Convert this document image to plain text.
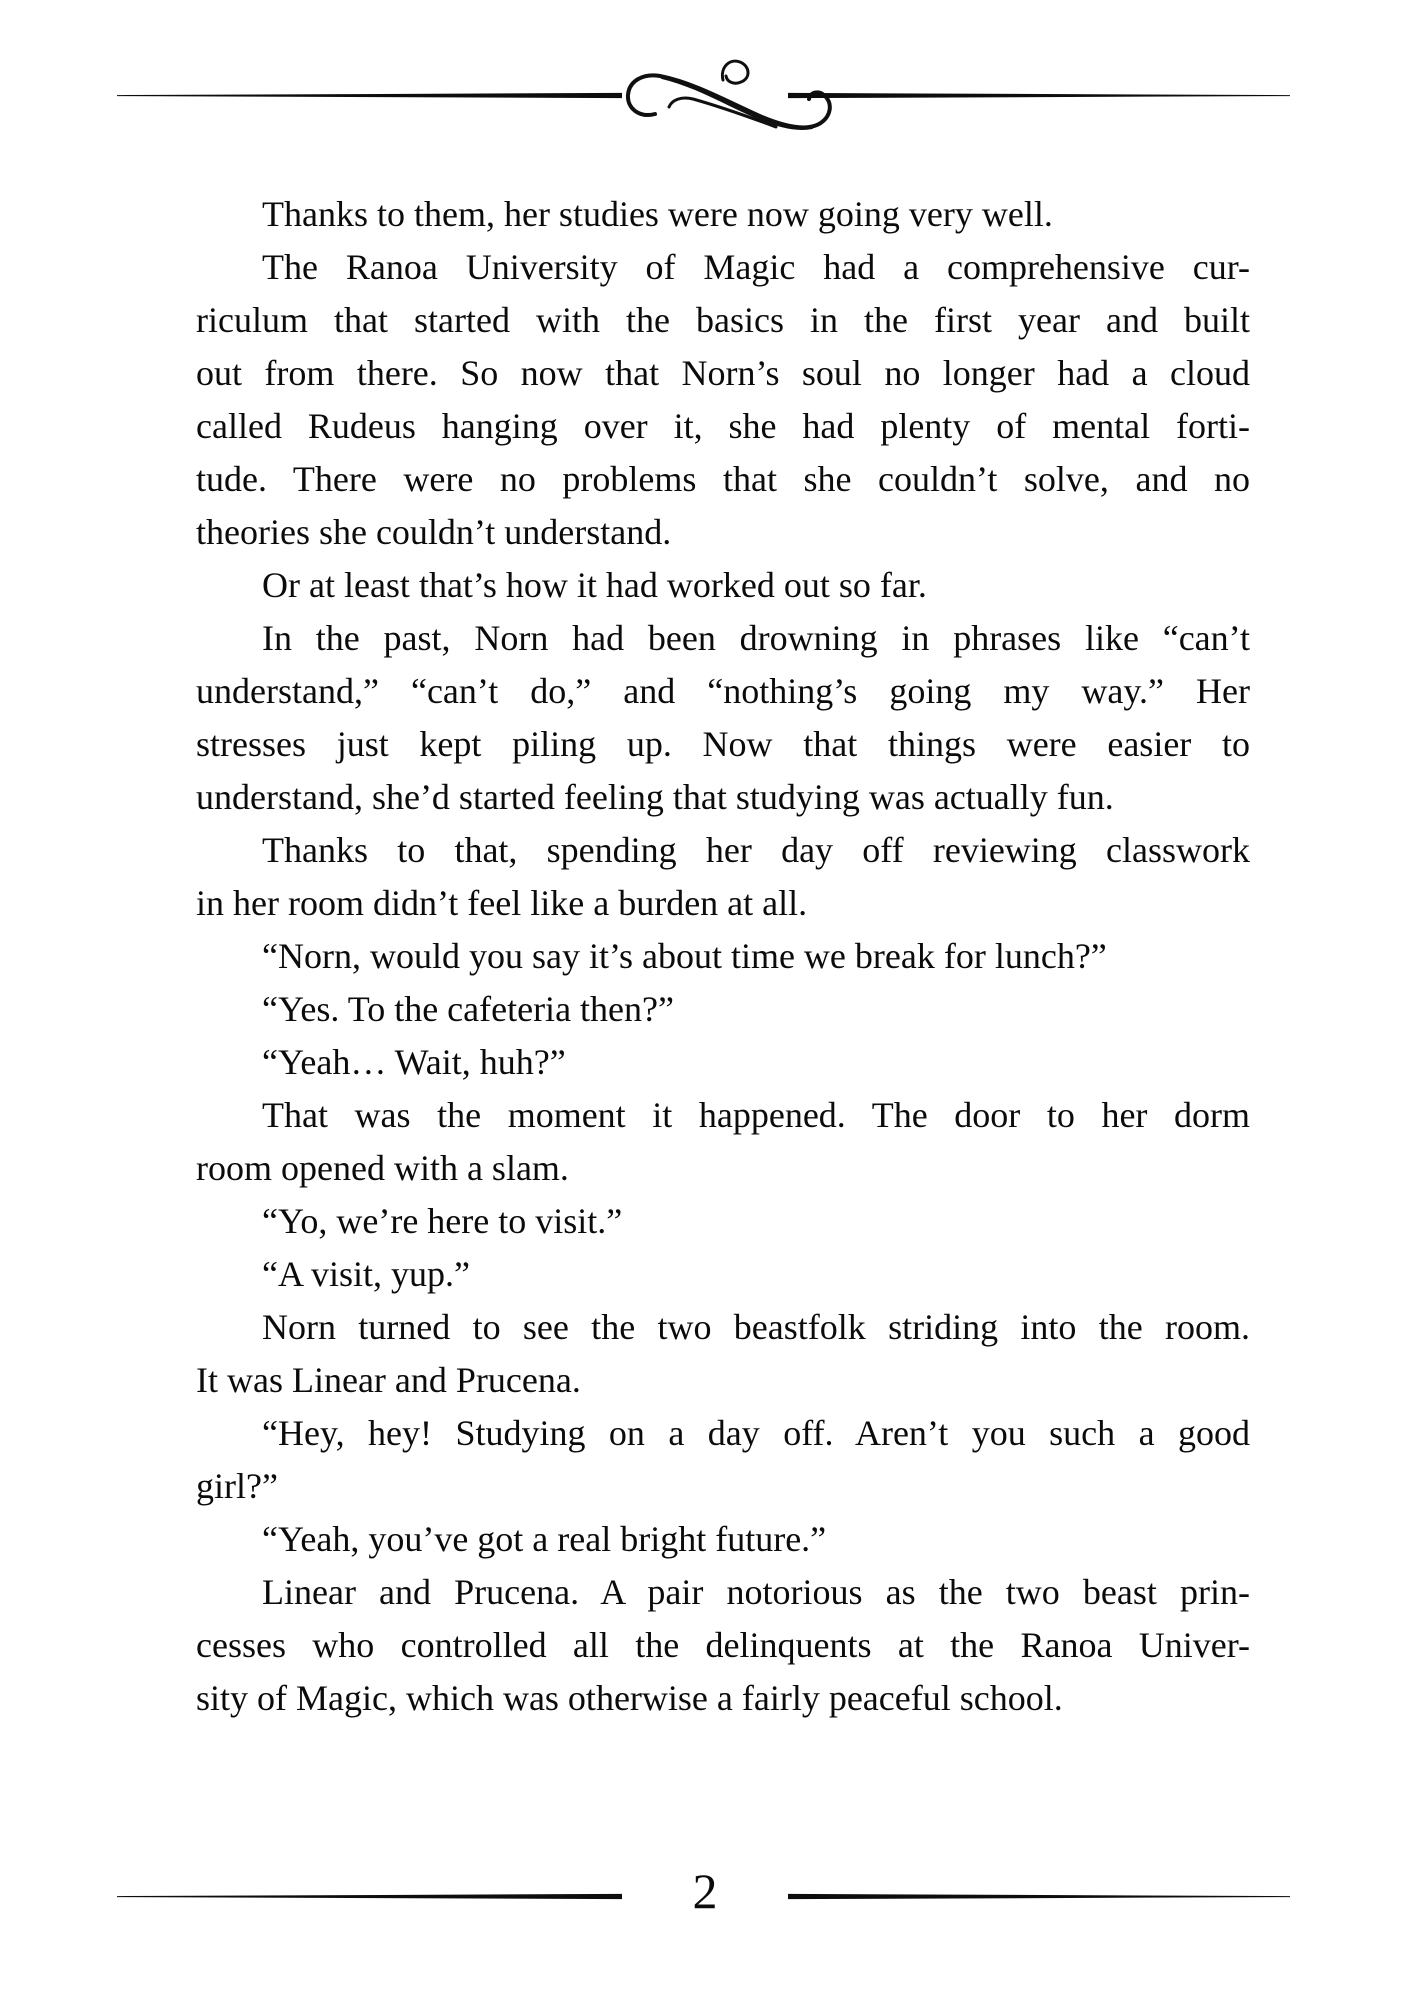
Thanks to them, her studies were now going very well.
The Ranoa University of Magic had a comprehensive cur-
riculum that started with the basics in the first year and built
out from there. So now that Norn’s soul no longer had a cloud
called Rudeus hanging over it, she had plenty of mental forti-
tude. There were no problems that she couldn’t solve, and no
theories she couldn’t understand.
Or at least that’s how it had worked out so far.
In the past, Norn had been drowning in phrases like “can’t
understand,” “can’t do,” and “nothing’s going my way.” Her
stresses just kept piling up. Now that things were easier to
understand, she’d started feeling that studying was actually fun.
Thanks to that, spending her day off reviewing classwork
in her room didn’t feel like a burden at all.
“Norn, would you say it’s about time we break for lunch?”
“Yes. To the cafeteria then?”
“Yeah… Wait, huh?”
That was the moment it happened. The door to her dorm
room opened with a slam.
“Yo, we’re here to visit.”
“A visit, yup.”
Norn turned to see the two beastfolk striding into the room.
It was Linear and Prucena.
“Hey, hey! Studying on a day off. Aren’t you such a good
girl?”
“Yeah, you’ve got a real bright future.”
Linear and Prucena. A pair notorious as the two beast prin-
cesses who controlled all the delinquents at the Ranoa Univer-
sity of Magic, which was otherwise a fairly peaceful school.
2
